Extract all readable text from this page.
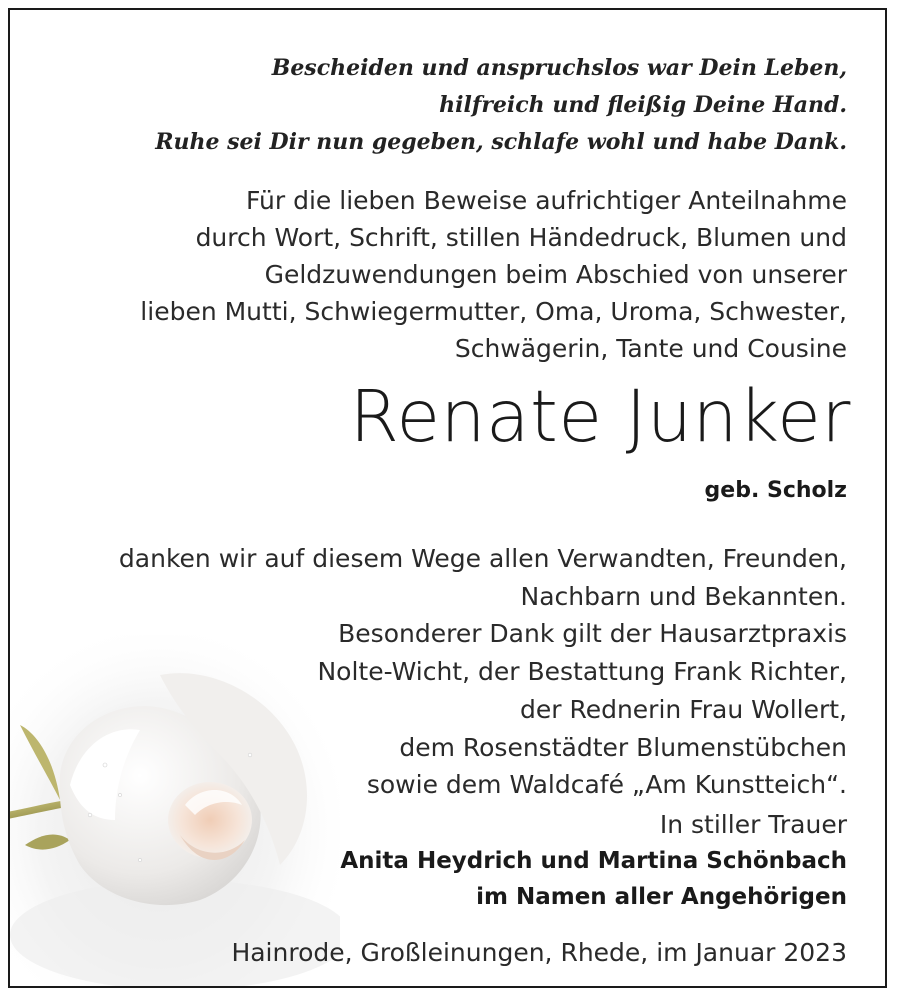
Bescheiden und anspruchslos war Dein Leben,
hilfreich und fleißig Deine Hand.
Ruhe sei Dir nun gegeben, schlafe wohl und habe Dank.
Für die lieben Beweise aufrichtiger Anteilnahme
durch Wort, Schrift, stillen Händedruck, Blumen und
Geldzuwendungen beim Abschied von unserer
lieben Mutti, Schwiegermutter, Oma, Uroma, Schwester,
Schwägerin, Tante und Cousine
Renate Junker
geb. Scholz
danken wir auf diesem Wege allen Verwandten, Freunden,
Nachbarn und Bekannten.
Besonderer Dank gilt der Hausarztpraxis
Nolte-Wicht, der Bestattung Frank Richter,
der Rednerin Frau Wollert,
dem Rosenstädter Blumenstübchen
sowie dem Waldcafé „Am Kunstteich“.
In stiller Trauer
Anita Heydrich und Martina Schönbach
im Namen aller Angehörigen
Hainrode, Großleinungen, Rhede, im Januar 2023
